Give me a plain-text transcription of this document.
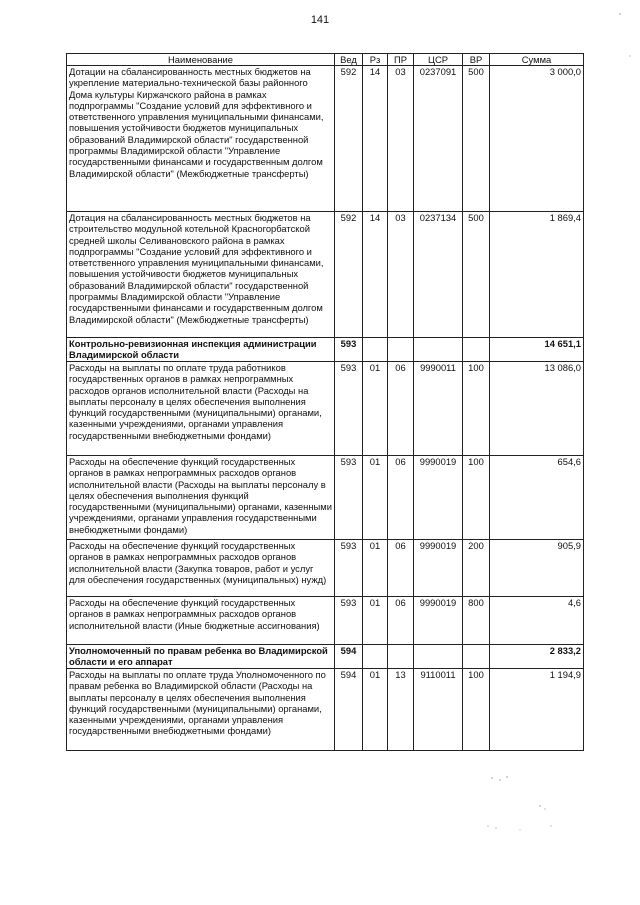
141
Наименование	Вед	Рз	ПР	ЦСР	ВР	Сумма
Дотации на сбалансированность местных бюджетов на укрепление материально-технической базы районного Дома культуры Киржачского района в рамках подпрограммы "Создание условий для эффективного и ответственного управления муниципальными финансами, повышения устойчивости бюджетов муниципальных образований Владимирской области" государственной программы Владимирской области "Управление государственными финансами и государственным долгом Владимирской области" (Межбюджетные трансферты)	592	14	03	0237091	500	3 000,0
Дотация на сбалансированность местных бюджетов на строительство модульной котельной Красногорбатской средней школы Селивановского района в рамках подпрограммы "Создание условий для эффективного и ответственного управления муниципальными финансами, повышения устойчивости бюджетов муниципальных образований Владимирской области" государственной программы Владимирской области "Управление государственными финансами и государственным долгом Владимирской области" (Межбюджетные трансферты)	592	14	03	0237134	500	1 869,4
Контрольно-ревизионная инспекция администрации Владимирской области	593					14 651,1
Расходы на выплаты по оплате труда работников государственных органов в рамках непрограммных расходов органов исполнительной власти (Расходы на выплаты персоналу в целях обеспечения выполнения функций государственными (муниципальными) органами, казенными учреждениями, органами управления государственными внебюджетными фондами)	593	01	06	9990011	100	13 086,0
Расходы на обеспечение функций государственных органов в рамках непрограммных расходов органов исполнительной власти (Расходы на выплаты персоналу в целях обеспечения выполнения функций государственными (муниципальными) органами, казенными учреждениями, органами управления государственными внебюджетными фондами)	593	01	06	9990019	100	654,6
Расходы на обеспечение функций государственных органов в рамках непрограммных расходов органов исполнительной власти (Закупка товаров, работ и услуг для обеспечения государственных (муниципальных) нужд)	593	01	06	9990019	200	905,9
Расходы на обеспечение функций государственных органов в рамках непрограммных расходов органов исполнительной власти (Иные бюджетные ассигнования)	593	01	06	9990019	800	4,6
Уполномоченный по правам ребенка во Владимирской области и его аппарат	594					2 833,2
Расходы на выплаты по оплате труда Уполномоченного по правам ребенка во Владимирской области (Расходы на выплаты персоналу в целях обеспечения выполнения функций государственными (муниципальными) органами, казенными учреждениями, органами управления государственными внебюджетными фондами)	594	01	13	9110011	100	1 194,9
